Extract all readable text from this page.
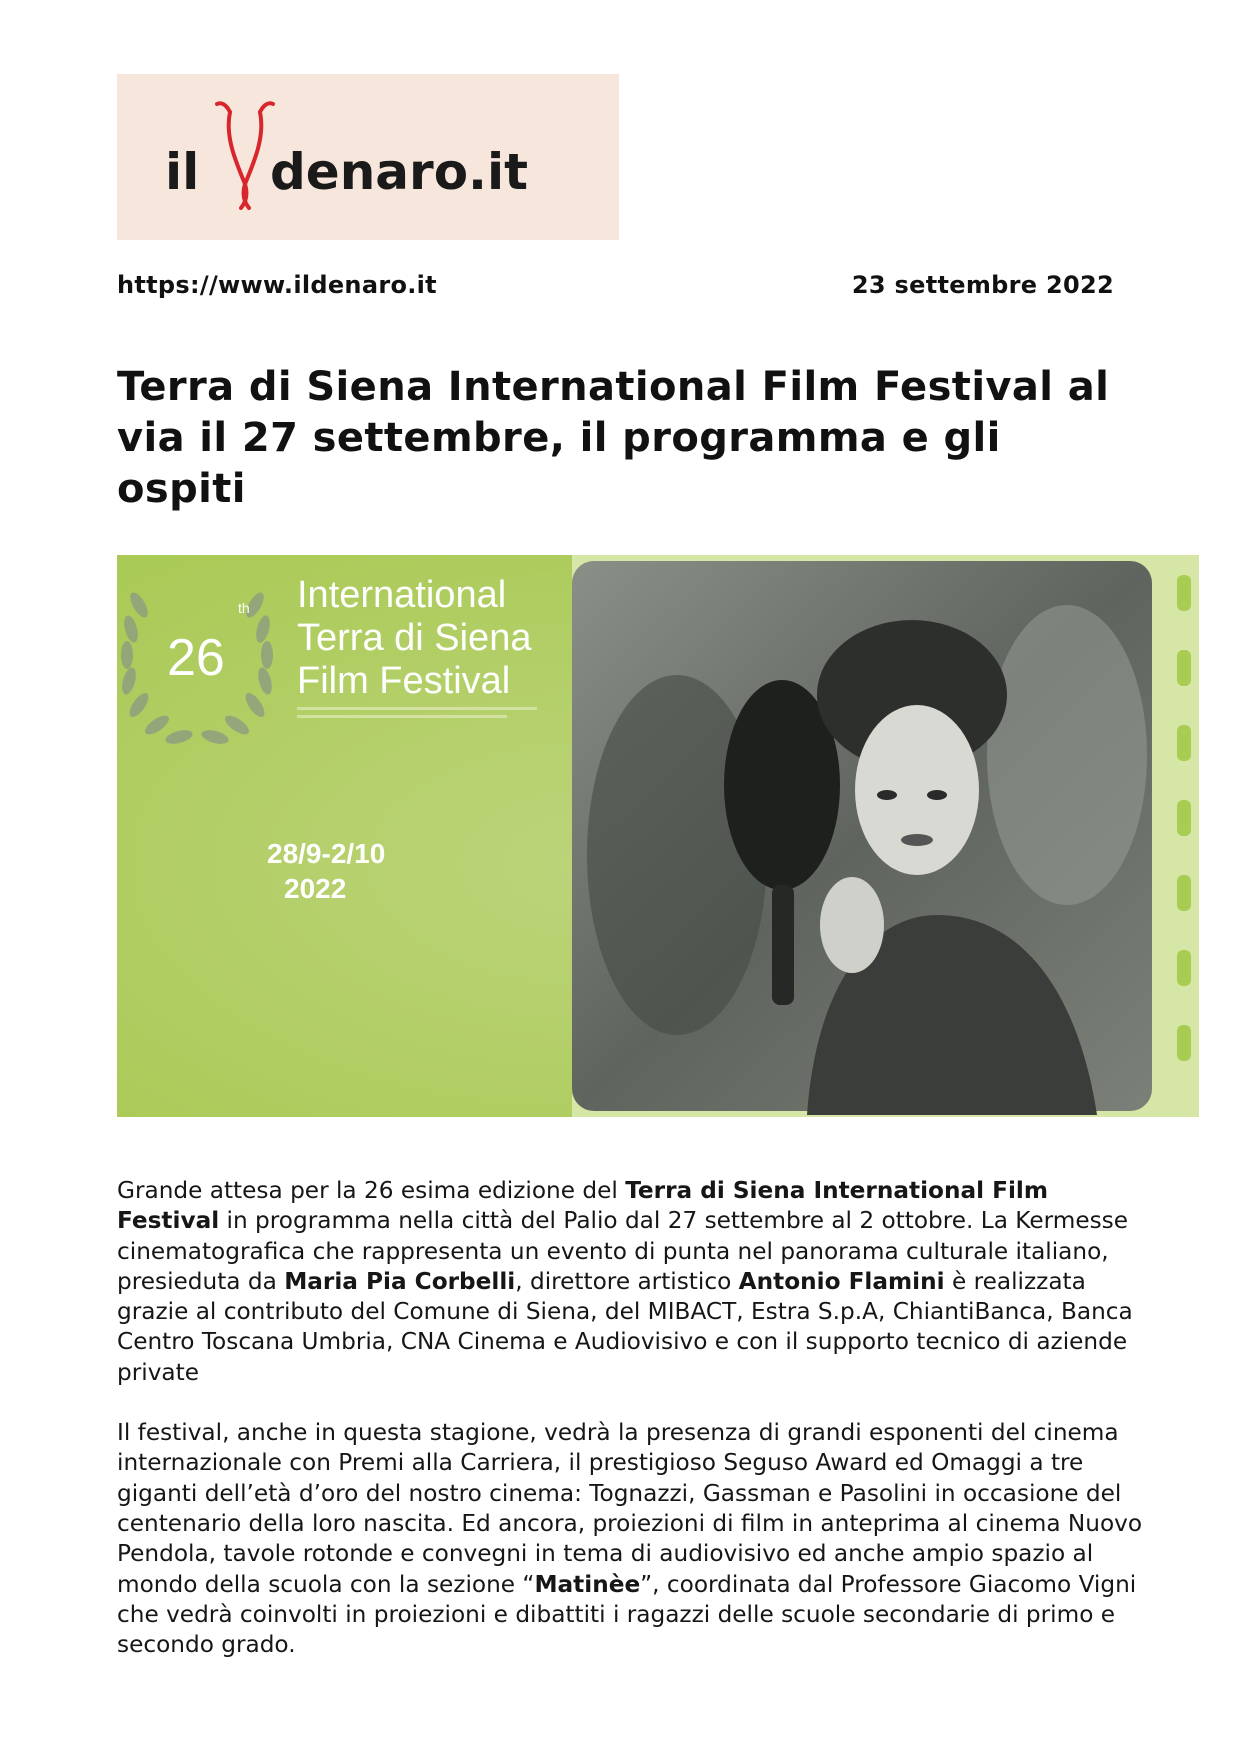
il denaro.it
https://www.ildenaro.it	23 settembre 2022
Terra di Siena International Film Festival al via il 27 settembre, il programma e gli ospiti
26
th International
Terra di Siena
Film Festival
28/9-2/10
2022

Grande attesa per la 26 esima edizione del Terra di Siena International Film Festival in programma nella città del Palio dal 27 settembre al 2 ottobre. La Kermesse cinematografica che rappresenta un evento di punta nel panorama culturale italiano, presieduta da Maria Pia Corbelli, direttore artistico Antonio Flamini è realizzata grazie al contributo del Comune di Siena, del MIBACT, Estra S.p.A, ChiantiBanca, Banca Centro Toscana Umbria, CNA Cinema e Audiovisivo e con il supporto tecnico di aziende private

Il festival, anche in questa stagione, vedrà la presenza di grandi esponenti del cinema internazionale con Premi alla Carriera, il prestigioso Seguso Award ed Omaggi a tre giganti dell’età d’oro del nostro cinema: Tognazzi, Gassman e Pasolini in occasione del centenario della loro nascita. Ed ancora, proiezioni di film in anteprima al cinema Nuovo Pendola, tavole rotonde e convegni in tema di audiovisivo ed anche ampio spazio al mondo della scuola con la sezione “Matinèe”, coordinata dal Professore Giacomo Vigni che vedrà coinvolti in proiezioni e dibattiti i ragazzi delle scuole secondarie di primo e secondo grado.
